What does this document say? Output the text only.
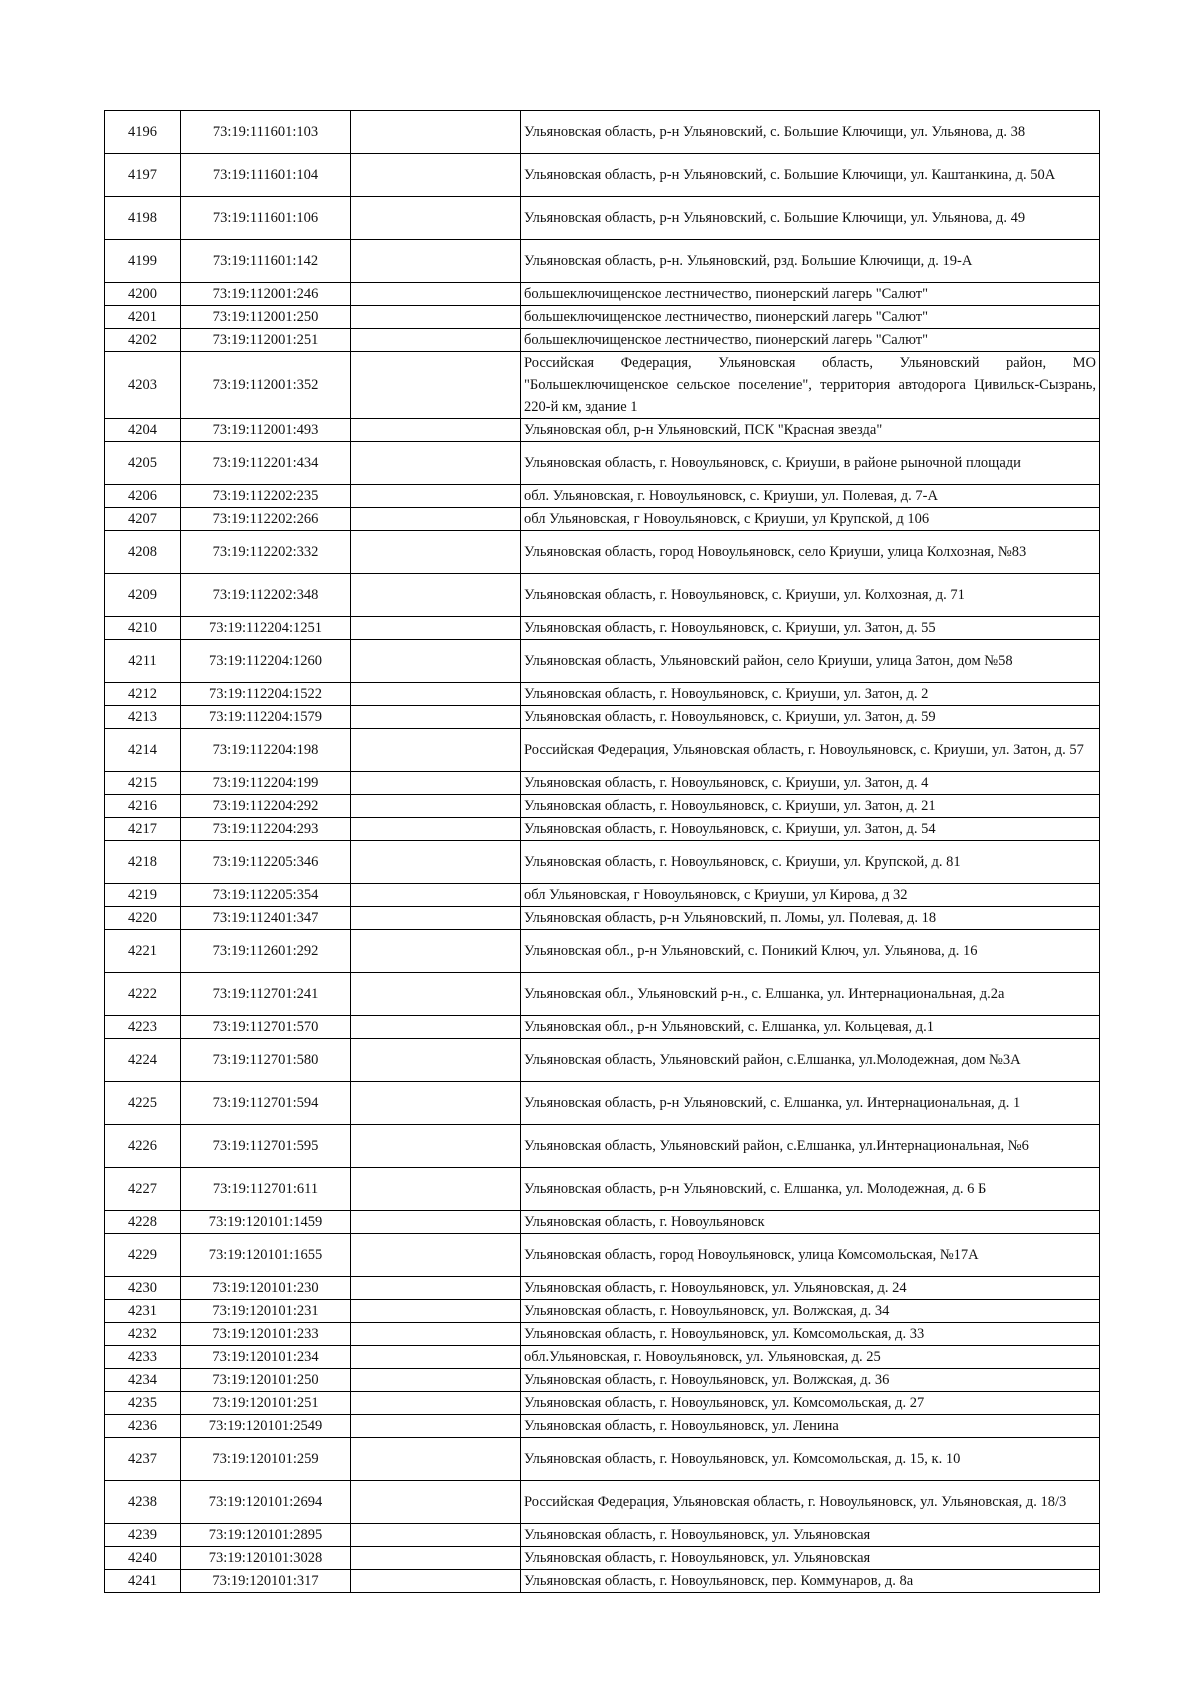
4196	73:19:111601:103		Ульяновская область, р-н Ульяновский, с. Большие Ключищи, ул. Ульянова, д. 38
4197	73:19:111601:104		Ульяновская область, р-н Ульяновский, с. Большие Ключищи, ул. Каштанкина, д. 50А
4198	73:19:111601:106		Ульяновская область, р-н Ульяновский, с. Большие Ключищи, ул. Ульянова, д. 49
4199	73:19:111601:142		Ульяновская область, р-н. Ульяновский, рзд. Большие Ключищи, д. 19-А
4200	73:19:112001:246		большеключищенское лестничество, пионерский лагерь "Салют"
4201	73:19:112001:250		большеключищенское лестничество, пионерский лагерь "Салют"
4202	73:19:112001:251		большеключищенское лестничество, пионерский лагерь "Салют"
4203	73:19:112001:352		Российская Федерация, Ульяновская область, Ульяновский район, МО "Большеключищенское сельское поселение", территория автодорога Цивильск-Сызрань, 220-й км, здание 1
4204	73:19:112001:493		Ульяновская обл, р-н Ульяновский, ПСК "Красная звезда"
4205	73:19:112201:434		Ульяновская область, г. Новоульяновск, с. Криуши, в районе рыночной площади
4206	73:19:112202:235		обл. Ульяновская, г. Новоульяновск, с. Криуши, ул. Полевая, д. 7-А
4207	73:19:112202:266		обл Ульяновская, г Новоульяновск, с Криуши, ул Крупской, д 106
4208	73:19:112202:332		Ульяновская область, город Новоульяновск, село Криуши, улица Колхозная, №83
4209	73:19:112202:348		Ульяновская область, г. Новоульяновск, с. Криуши, ул. Колхозная, д. 71
4210	73:19:112204:1251		Ульяновская область, г. Новоульяновск, с. Криуши, ул. Затон, д. 55
4211	73:19:112204:1260		Ульяновская область, Ульяновский район, село Криуши, улица Затон, дом №58
4212	73:19:112204:1522		Ульяновская область, г. Новоульяновск, с. Криуши, ул. Затон, д. 2
4213	73:19:112204:1579		Ульяновская область, г. Новоульяновск, с. Криуши, ул. Затон, д. 59
4214	73:19:112204:198		Российская Федерация, Ульяновская область, г. Новоульяновск, с. Криуши, ул. Затон, д. 57
4215	73:19:112204:199		Ульяновская область, г. Новоульяновск, с. Криуши, ул. Затон, д. 4
4216	73:19:112204:292		Ульяновская область, г. Новоульяновск, с. Криуши, ул. Затон, д. 21
4217	73:19:112204:293		Ульяновская область, г. Новоульяновск, с. Криуши, ул. Затон, д. 54
4218	73:19:112205:346		Ульяновская область, г. Новоульяновск, с. Криуши, ул. Крупской, д. 81
4219	73:19:112205:354		обл Ульяновская, г Новоульяновск, с Криуши, ул Кирова, д 32
4220	73:19:112401:347		Ульяновская область, р-н Ульяновский, п. Ломы, ул. Полевая, д. 18
4221	73:19:112601:292		Ульяновская обл., р-н Ульяновский, с. Поникий Ключ, ул. Ульянова, д. 16
4222	73:19:112701:241		Ульяновская обл., Ульяновский р-н., с. Елшанка, ул. Интернациональная, д.2а
4223	73:19:112701:570		Ульяновская обл., р-н Ульяновский, с. Елшанка, ул. Кольцевая, д.1
4224	73:19:112701:580		Ульяновская область, Ульяновский район, с.Елшанка, ул.Молодежная, дом №3А
4225	73:19:112701:594		Ульяновская область, р-н Ульяновский, с. Елшанка, ул. Интернациональная, д. 1
4226	73:19:112701:595		Ульяновская область, Ульяновский район, с.Елшанка, ул.Интернациональная, №6
4227	73:19:112701:611		Ульяновская область, р-н Ульяновский, с. Елшанка, ул. Молодежная, д. 6 Б
4228	73:19:120101:1459		Ульяновская область, г. Новоульяновск
4229	73:19:120101:1655		Ульяновская область, город Новоульяновск, улица Комсомольская, №17А
4230	73:19:120101:230		Ульяновская область, г. Новоульяновск, ул. Ульяновская, д. 24
4231	73:19:120101:231		Ульяновская область, г. Новоульяновск, ул. Волжская, д. 34
4232	73:19:120101:233		Ульяновская область, г. Новоульяновск, ул. Комсомольская, д. 33
4233	73:19:120101:234		обл.Ульяновская, г. Новоульяновск, ул. Ульяновская, д. 25
4234	73:19:120101:250		Ульяновская область, г. Новоульяновск, ул. Волжская, д. 36
4235	73:19:120101:251		Ульяновская область, г. Новоульяновск, ул. Комсомольская, д. 27
4236	73:19:120101:2549		Ульяновская область, г. Новоульяновск, ул. Ленина
4237	73:19:120101:259		Ульяновская область, г. Новоульяновск, ул. Комсомольская, д. 15, к. 10
4238	73:19:120101:2694		Российская Федерация, Ульяновская область, г. Новоульяновск, ул. Ульяновская, д. 18/3
4239	73:19:120101:2895		Ульяновская область, г. Новоульяновск, ул. Ульяновская
4240	73:19:120101:3028		Ульяновская область, г. Новоульяновск, ул. Ульяновская
4241	73:19:120101:317		Ульяновская область, г. Новоульяновск, пер. Коммунаров, д. 8а
